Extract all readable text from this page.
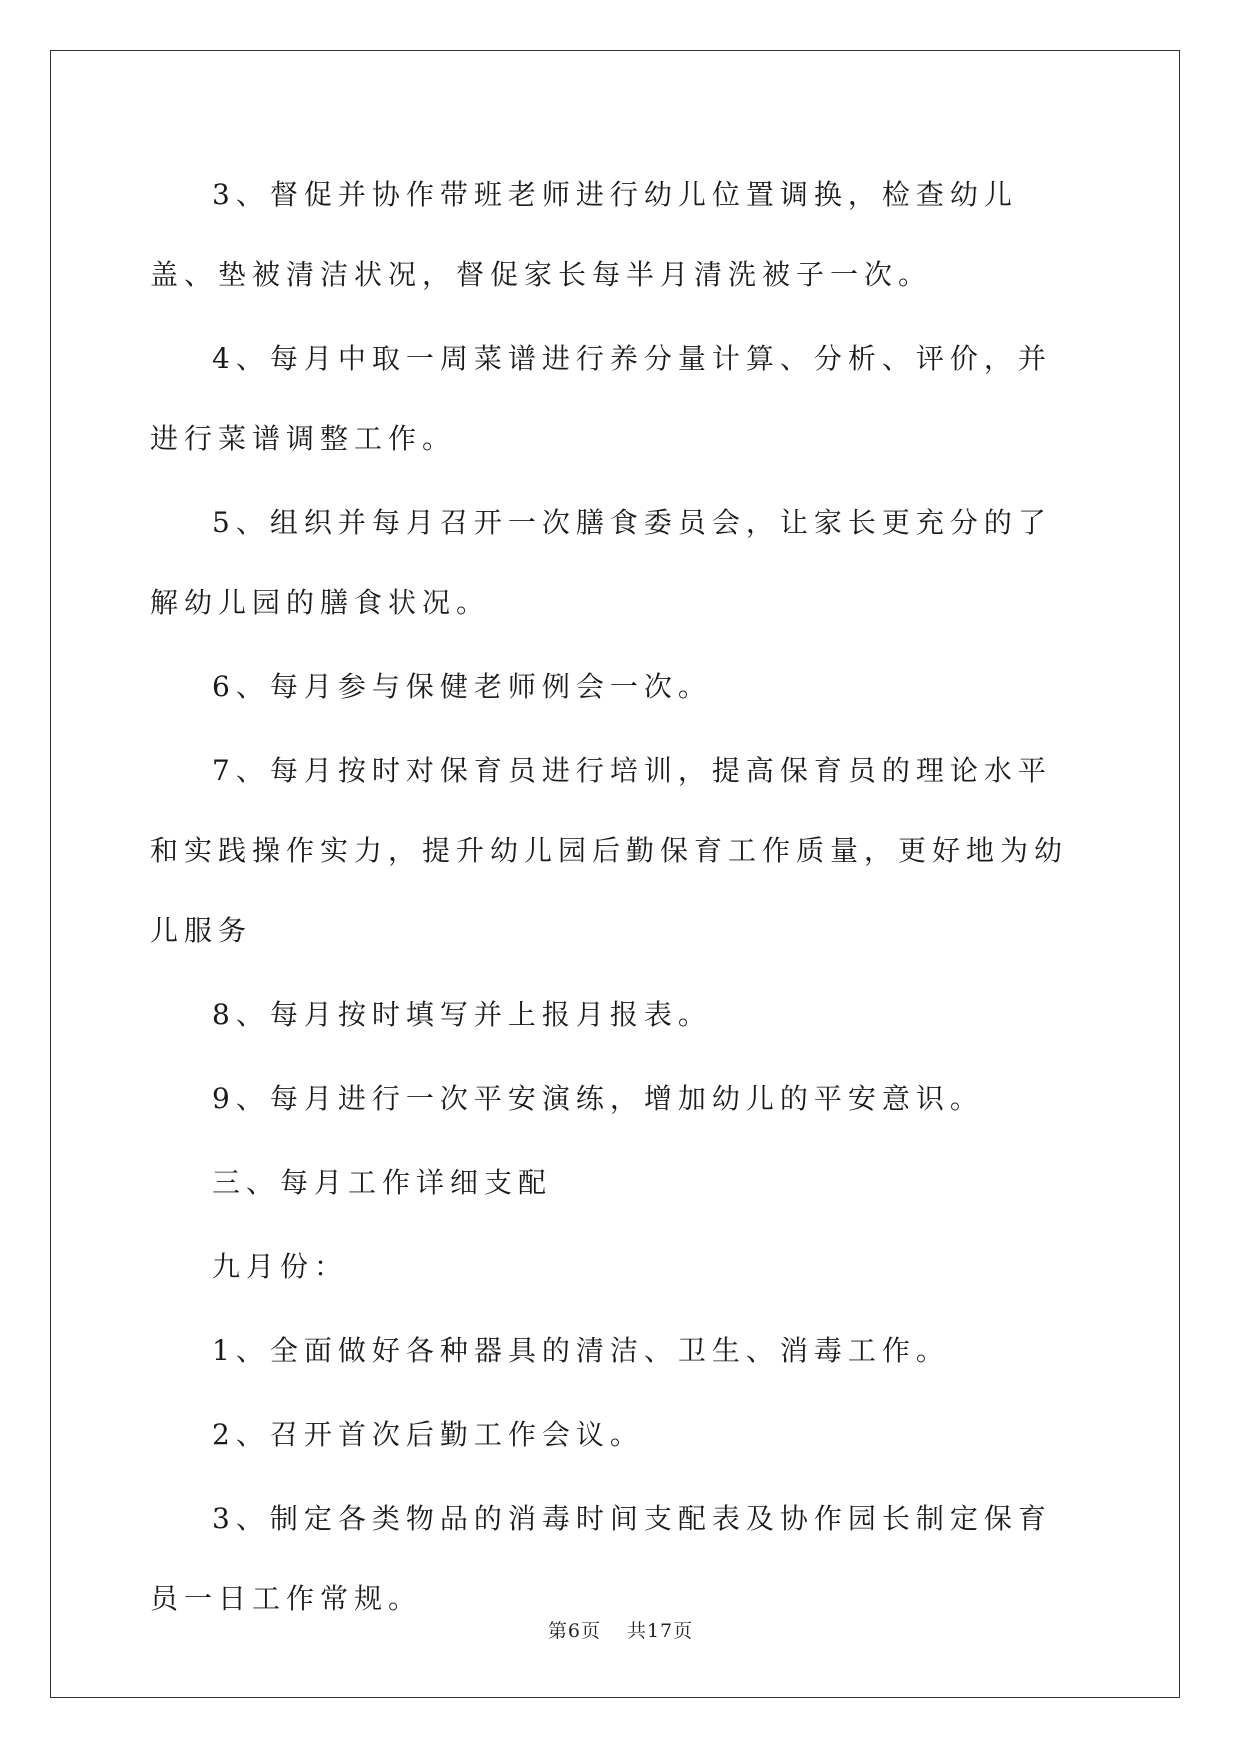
3、督促并协作带班老师进行幼儿位置调换，检查幼儿盖、垫被清洁状况，督促家长每半月清洗被子一次。

4、每月中取一周菜谱进行养分量计算、分析、评价，并进行菜谱调整工作。

5、组织并每月召开一次膳食委员会，让家长更充分的了解幼儿园的膳食状况。

6、每月参与保健老师例会一次。

7、每月按时对保育员进行培训，提高保育员的理论水平和实践操作实力，提升幼儿园后勤保育工作质量，更好地为幼儿服务

8、每月按时填写并上报月报表。

9、每月进行一次平安演练，增加幼儿的平安意识。

三、每月工作详细支配

九月份：

1、全面做好各种器具的清洁、卫生、消毒工作。

2、召开首次后勤工作会议。

3、制定各类物品的消毒时间支配表及协作园长制定保育员一日工作常规。

第6页 共17页
